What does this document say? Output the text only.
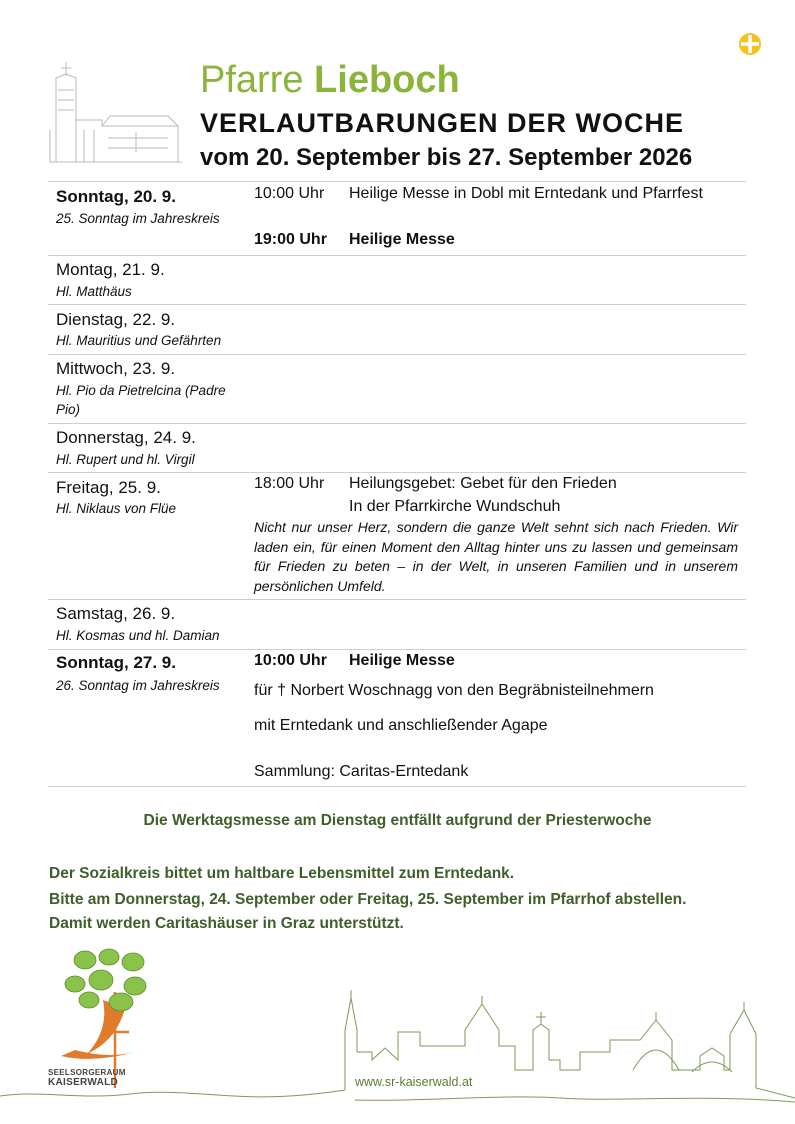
Pfarre Lieboch
VERLAUTBARUNGEN DER WOCHE
vom 20. September bis 27. September 2026
Sonntag, 20. 9.
25. Sonntag im Jahreskreis
10:00 Uhr Heilige Messe in Dobl mit Erntedank und Pfarrfest
19:00 Uhr Heilige Messe
Montag, 21. 9.
Hl. Matthäus
Dienstag, 22. 9.
Hl. Mauritius und Gefährten
Mittwoch, 23. 9.
Hl. Pio da Pietrelcina (Padre Pio)
Donnerstag, 24. 9.
Hl. Rupert und hl. Virgil
Freitag, 25. 9.
Hl. Niklaus von Flüe
18:00 Uhr Heilungsgebet: Gebet für den Frieden
In der Pfarrkirche Wundschuh
Nicht nur unser Herz, sondern die ganze Welt sehnt sich nach Frieden. Wir laden ein, für einen Moment den Alltag hinter uns zu lassen und gemeinsam für Frieden zu beten – in der Welt, in unseren Familien und in unserem persönlichen Umfeld.
Samstag, 26. 9.
Hl. Kosmas und hl. Damian
Sonntag, 27. 9.
26. Sonntag im Jahreskreis
10:00 Uhr Heilige Messe
für † Norbert Woschnagg von den Begräbnisteilnehmern
mit Erntedank und anschließender Agape
Sammlung: Caritas-Erntedank
Die Werktagsmesse am Dienstag entfällt aufgrund der Priesterwoche
Der Sozialkreis bittet um haltbare Lebensmittel zum Erntedank.
Bitte am Donnerstag, 24. September oder Freitag, 25. September im Pfarrhof abstellen.
Damit werden Caritashäuser in Graz unterstützt.
SEELSORGERAUM
KAISERWALD	www.sr-kaiserwald.at
